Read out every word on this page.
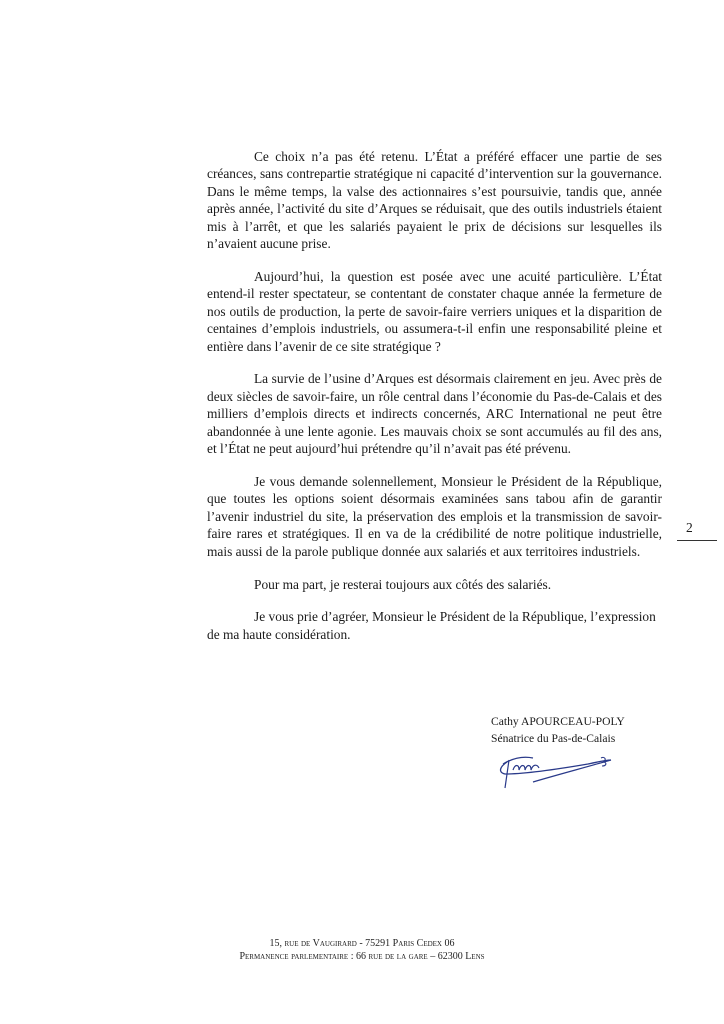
Ce choix n’a pas été retenu. L’État a préféré effacer une partie de ses créances, sans contrepartie stratégique ni capacité d’intervention sur la gouvernance. Dans le même temps, la valse des actionnaires s’est poursuivie, tandis que, année après année, l’activité du site d’Arques se réduisait, que des outils industriels étaient mis à l’arrêt, et que les salariés payaient le prix de décisions sur lesquelles ils n’avaient aucune prise.

Aujourd’hui, la question est posée avec une acuité particulière. L’État entend-il rester spectateur, se contentant de constater chaque année la fermeture de nos outils de production, la perte de savoir-faire verriers uniques et la disparition de centaines d’emplois industriels, ou assumera-t-il enfin une responsabilité pleine et entière dans l’avenir de ce site stratégique ?

La survie de l’usine d’Arques est désormais clairement en jeu. Avec près de deux siècles de savoir-faire, un rôle central dans l’économie du Pas-de-Calais et des milliers d’emplois directs et indirects concernés, ARC International ne peut être abandonnée à une lente agonie. Les mauvais choix se sont accumulés au fil des ans, et l’État ne peut aujourd’hui prétendre qu’il n’avait pas été prévenu.

Je vous demande solennellement, Monsieur le Président de la République, que toutes les options soient désormais examinées sans tabou afin de garantir l’avenir industriel du site, la préservation des emplois et la transmission de savoir-faire rares et stratégiques. Il en va de la crédibilité de notre politique industrielle, mais aussi de la parole publique donnée aux salariés et aux territoires industriels.

Pour ma part, je resterai toujours aux côtés des salariés.

Je vous prie d’agréer, Monsieur le Président de la République, l’expression de ma haute considération.

2
Cathy APOURCEAU-POLY
Sénatrice du Pas-de-Calais
15, rue de Vaugirard - 75291 Paris Cedex 06
Permanence parlementaire : 66 rue de la gare – 62300 Lens
